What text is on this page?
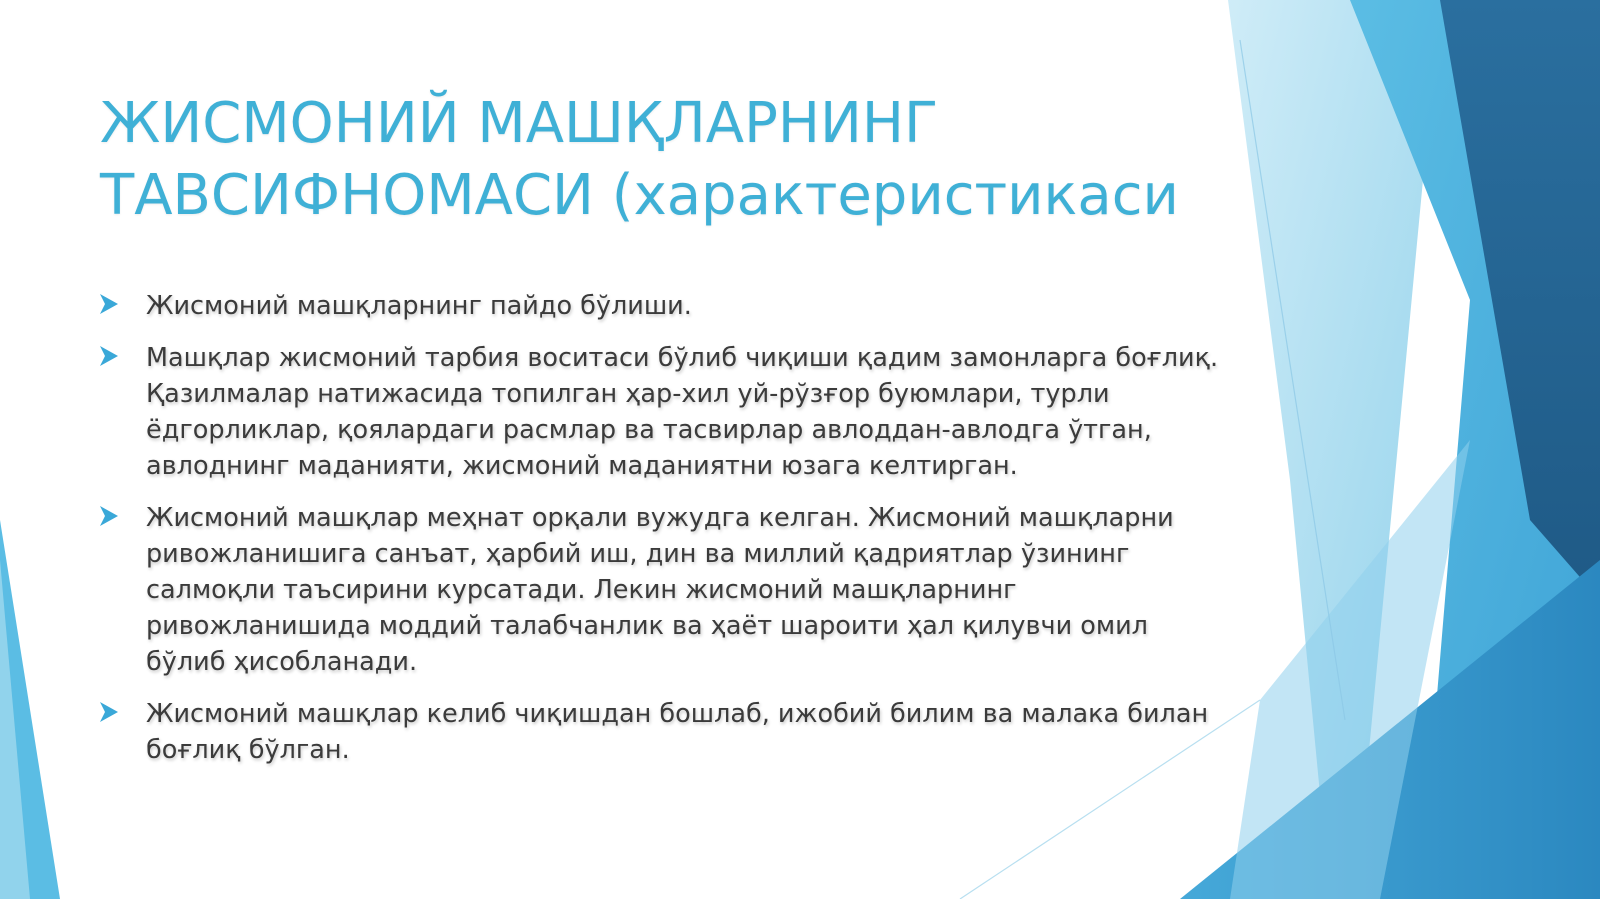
ЖИСМОНИЙ МАШҚЛАРНИНГ
ТАВСИФНОМАСИ (характеристикаси
Жисмоний машқларнинг пайдо бўлиши.
Машқлар жисмоний тарбия воситаси бўлиб чиқиши қадим замонларга боғлиқ. Қазилмалар натижасида топилган ҳар-хил уй-рўзғор буюмлари, турли ёдгорликлар, қоялардаги расмлар ва тасвирлар авлоддан-авлодга ўтган, авлоднинг маданияти, жисмоний маданиятни юзага келтирган.
Жисмоний машқлар меҳнат орқали вужудга келган. Жисмоний машқларни ривожланишига санъат, ҳарбий иш, дин ва миллий қадриятлар ўзининг салмоқли таъсирини курсатади. Лекин жисмоний машқларнинг ривожланишида моддий талабчанлик ва ҳаёт шароити ҳал қилувчи омил бўлиб ҳисобланади.
Жисмоний машқлар келиб чиқишдан бошлаб, ижобий билим ва малака билан боғлиқ бўлган.
